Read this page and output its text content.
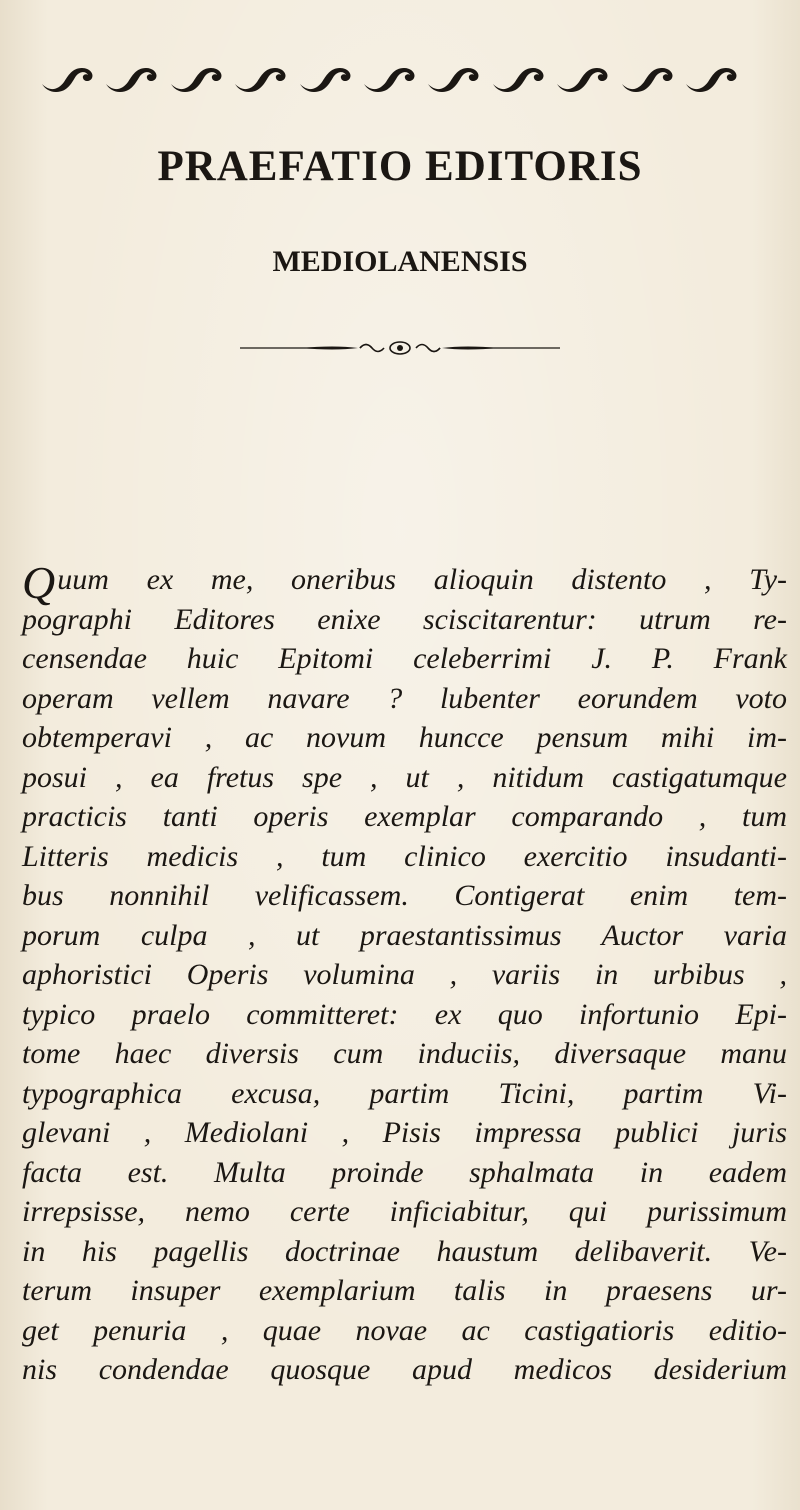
PRAEFATIO EDITORIS
MEDIOLANENSIS

Quum ex me, oneribus alioquin distento , Ty-
pographi Editores enixe sciscitarentur: utrum re-
censendae huic Epitomi celeberrimi J. P. Frank
operam vellem navare ? lubenter eorundem voto
obtemperavi , ac novum huncce pensum mihi im-
posui , ea fretus spe , ut , nitidum castigatumque
practicis tanti operis exemplar comparando , tum
Litteris medicis , tum clinico exercitio insudanti-
bus nonnihil velificassem. Contigerat enim tem-
porum culpa , ut praestantissimus Auctor varia
aphoristici Operis volumina , variis in urbibus ,
typico praelo committeret: ex quo infortunio Epi-
tome haec diversis cum induciis, diversaque manu
typographica excusa, partim Ticini, partim Vi-
glevani , Mediolani , Pisis impressa publici juris
facta est. Multa proinde sphalmata in eadem
irrepsisse, nemo certe inficiabitur, qui purissimum
in his pagellis doctrinae haustum delibaverit. Ve-
terum insuper exemplarium talis in praesens ur-
get penuria , quae novae ac castigatioris editio-
nis condendae quosque apud medicos desiderium
